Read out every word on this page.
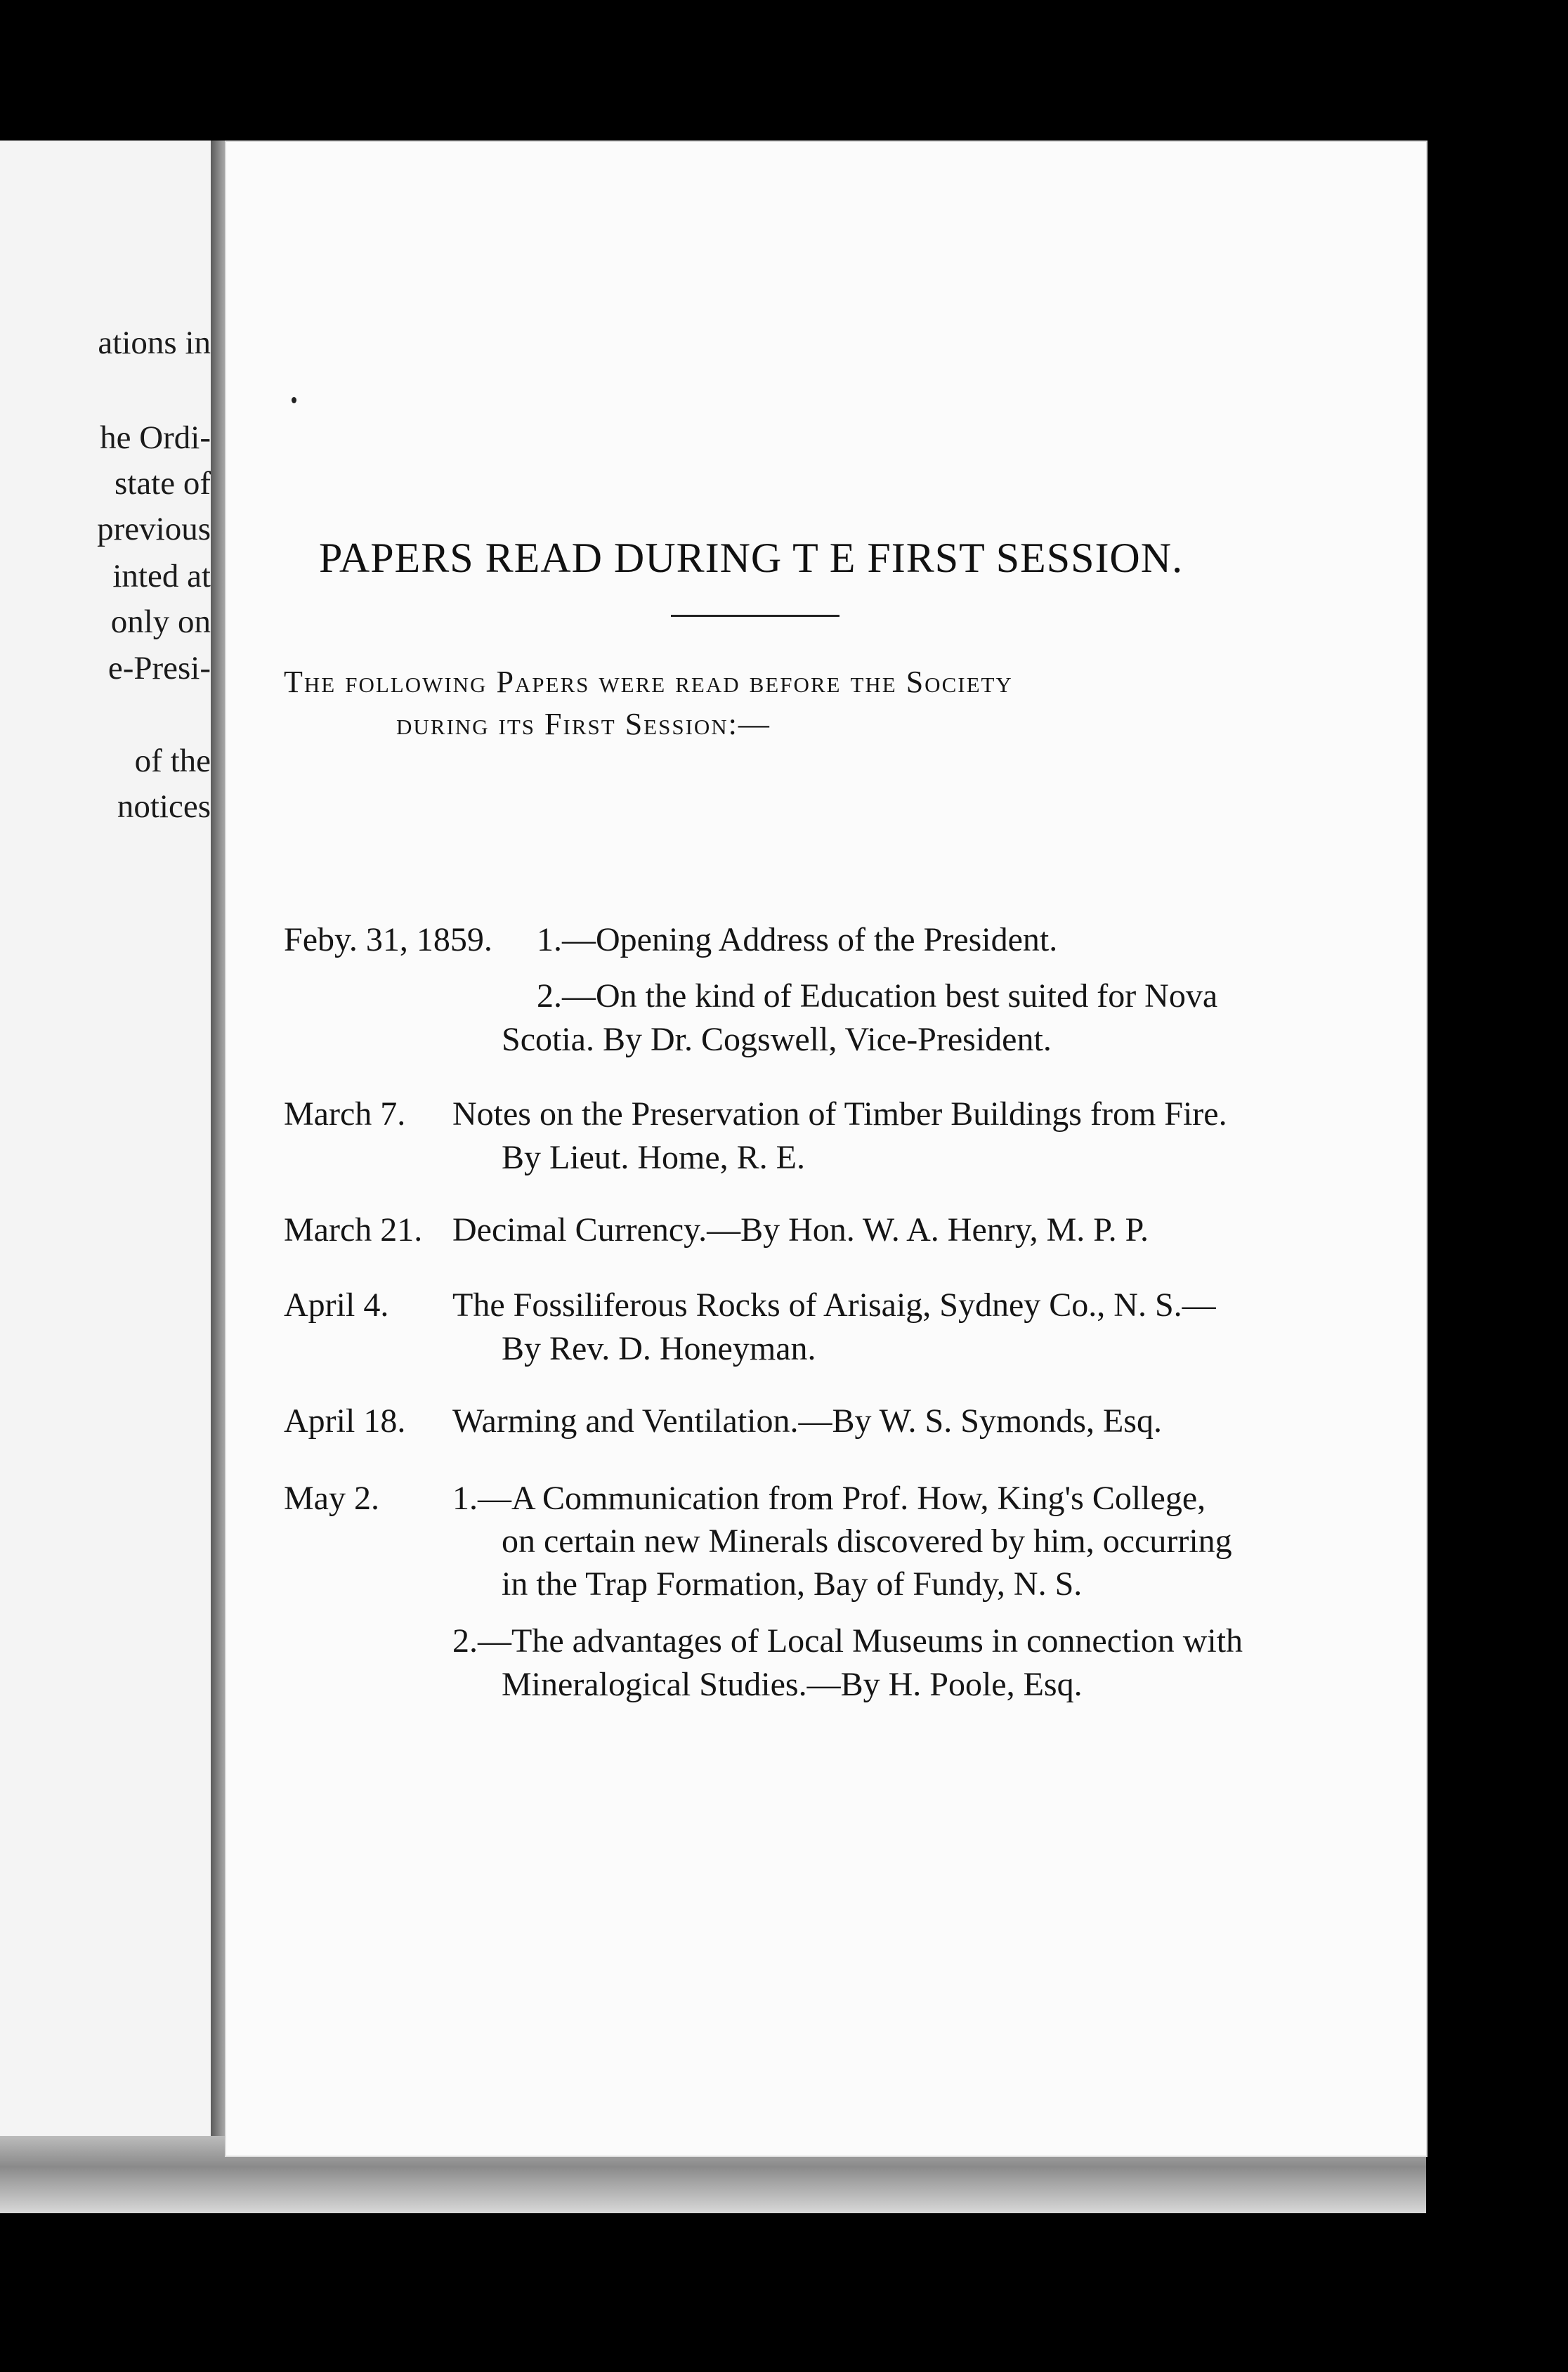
ations in
he Ordi-
state of
previous
inted at
only on
e-Presi-
of the
notices
PAPERS READ DURING T E FIRST SESSION.
The following Papers were read before the Society
during its First Session:—
Feby. 31, 1859. 1.—Opening Address of the President.
2.—On the kind of Education best suited for Nova
Scotia. By Dr. Cogswell, Vice-President.
March 7. Notes on the Preservation of Timber Buildings from Fire.
By Lieut. Home, R. E.
March 21. Decimal Currency.—By Hon. W. A. Henry, M. P. P.
April 4. The Fossiliferous Rocks of Arisaig, Sydney Co., N. S.—
By Rev. D. Honeyman.
April 18. Warming and Ventilation.—By W. S. Symonds, Esq.
May 2. 1.—A Communication from Prof. How, King's College,
on certain new Minerals discovered by him, occurring
in the Trap Formation, Bay of Fundy, N. S.
2.—The advantages of Local Museums in connection with
Mineralogical Studies.—By H. Poole, Esq.
